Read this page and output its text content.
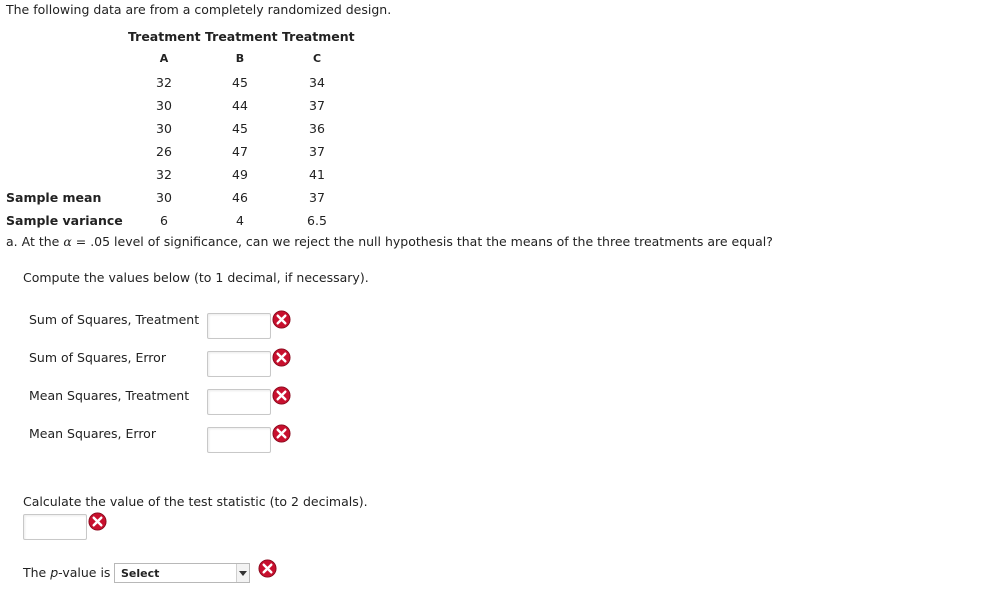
The following data are from a completely randomized design.
Treatment Treatment Treatment
A	B	C
32	45	34
30	44	37
30	45	36
26	47	37
32	49	41
Sample mean	30	46	37
Sample variance	6	4	6.5
a. At the α = .05 level of significance, can we reject the null hypothesis that the means of the three treatments are equal?
Compute the values below (to 1 decimal, if necessary).
Sum of Squares, Treatment
Sum of Squares, Error
Mean Squares, Treatment
Mean Squares, Error
Calculate the value of the test statistic (to 2 decimals).
The p-value is Select
